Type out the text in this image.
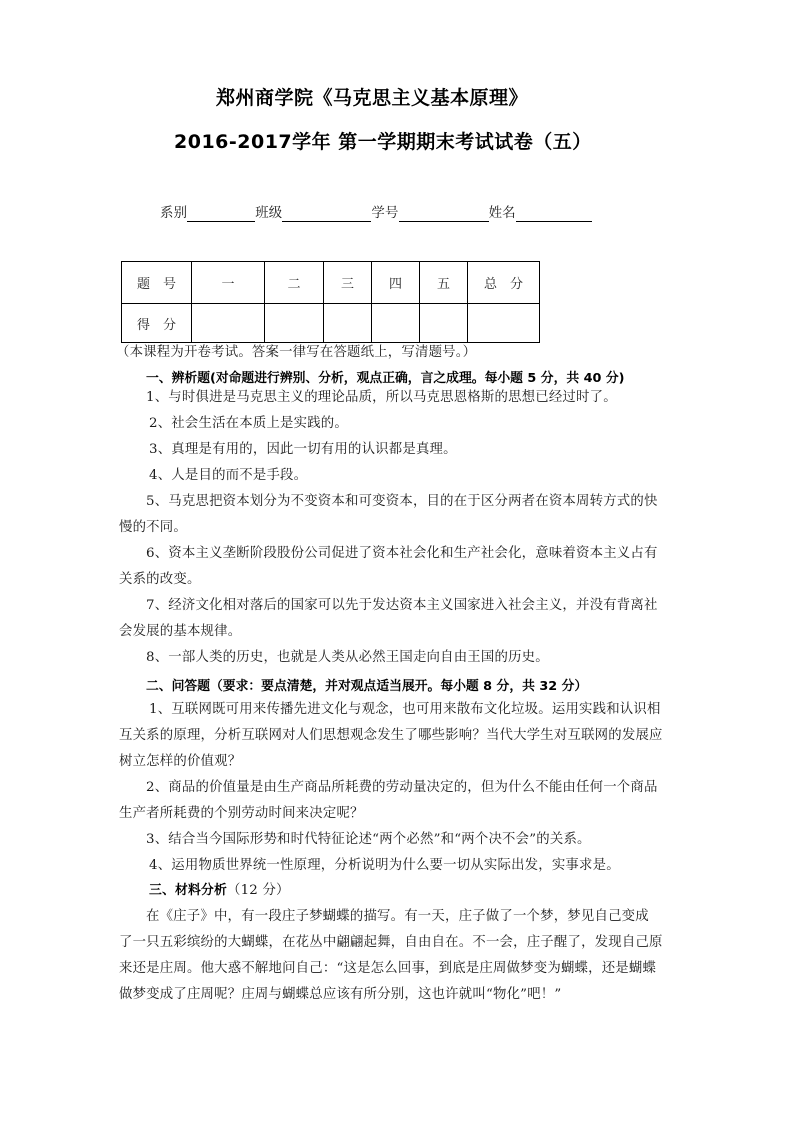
郑州商学院《马克思主义基本原理》
2016-2017学年 第一学期期末考试试卷（五）
系别	班级	学号	姓名
题　号	一	二	三	四	五	总　分
得　分						
（本课程为开卷考试。答案一律写在答题纸上，写清题号。）
一、辨析题(对命题进行辨别、分析，观点正确，言之成理。每小题 5 分，共 40 分)
1、与时俱进是马克思主义的理论品质，所以马克思恩格斯的思想已经过时了。
2、社会生活在本质上是实践的。
3、真理是有用的，因此一切有用的认识都是真理。
4、人是目的而不是手段。
5、马克思把资本划分为不变资本和可变资本，目的在于区分两者在资本周转方式的快
慢的不同。
6、资本主义垄断阶段股份公司促进了资本社会化和生产社会化，意味着资本主义占有
关系的改变。
7、经济文化相对落后的国家可以先于发达资本主义国家进入社会主义，并没有背离社
会发展的基本规律。
8、一部人类的历史，也就是人类从必然王国走向自由王国的历史。
二、问答题（要求：要点清楚，并对观点适当展开。每小题 8 分，共 32 分）
1、互联网既可用来传播先进文化与观念，也可用来散布文化垃圾。运用实践和认识相
互关系的原理，分析互联网对人们思想观念发生了哪些影响？当代大学生对互联网的发展应
树立怎样的价值观？
2、商品的价值量是由生产商品所耗费的劳动量决定的，但为什么不能由任何一个商品
生产者所耗费的个别劳动时间来决定呢？
3、结合当今国际形势和时代特征论述“两个必然”和“两个决不会”的关系。
4、运用物质世界统一性原理，分析说明为什么要一切从实际出发，实事求是。
三、材料分析（12 分）
在《庄子》中，有一段庄子梦蝴蝶的描写。有一天，庄子做了一个梦，梦见自己变成
了一只五彩缤纷的大蝴蝶，在花丛中翩翩起舞，自由自在。不一会，庄子醒了，发现自己原
来还是庄周。他大惑不解地问自己：“这是怎么回事，到底是庄周做梦变为蝴蝶，还是蝴蝶
做梦变成了庄周呢？庄周与蝴蝶总应该有所分别，这也许就叫“物化”吧！”
